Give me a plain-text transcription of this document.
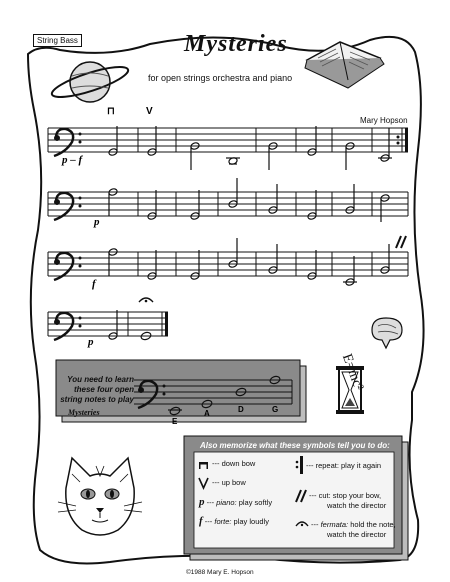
String Bass	Mysteries
for open strings orchestra and piano
Mary Hopson
⊓	V
p – f
p
f
p
E=mc²
You need to learn these four open string notes to play
Mysteries
E
A	D	G
Also memorize what these symbols tell you to do:
--- down bow
--- up bow
p --- piano: play softly
f --- forte: play loudly
--- repeat: play it again
--- cut: stop your bow,
watch the director
--- fermata: hold the note,
watch the director
©1988 Mary E. Hopson
